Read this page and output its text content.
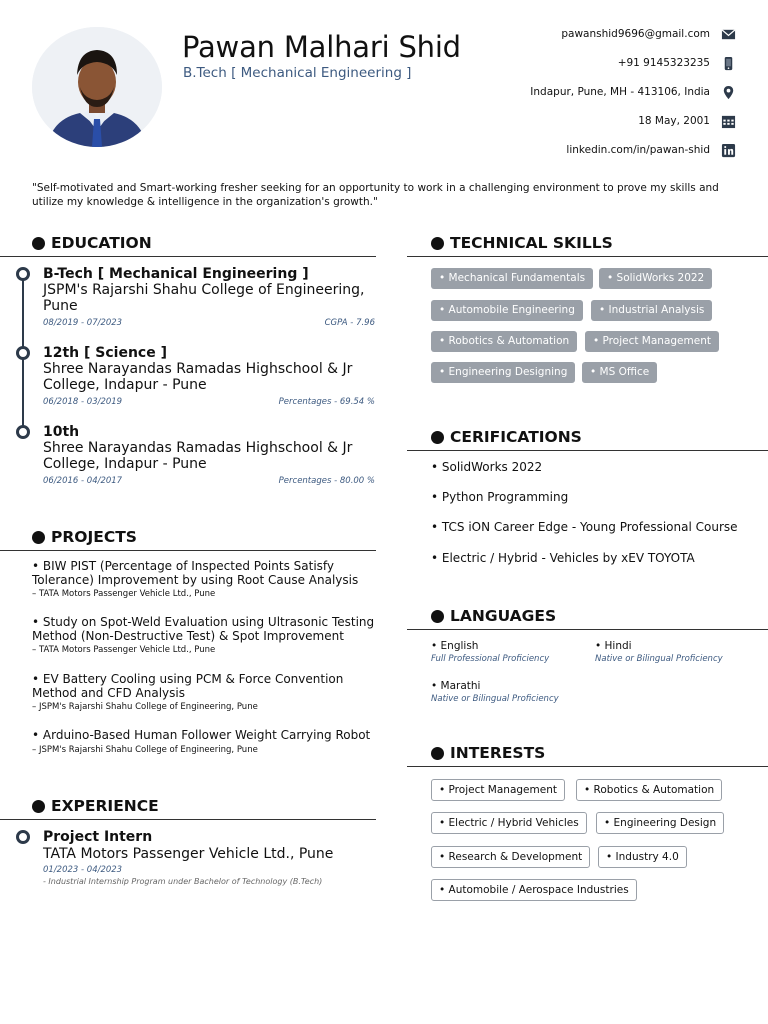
Pawan Malhari Shid
B.Tech [ Mechanical Engineering ]
pawanshid9696@gmail.com
+91 9145323235
Indapur, Pune, MH - 413106, India
18 May, 2001
linkedin.com/in/pawan-shid
"Self-motivated and Smart-working fresher seeking for an opportunity to work in a challenging environment to prove my skills and utilize my knowledge & intelligence in the organization's growth."
EDUCATION
B-Tech [ Mechanical Engineering ]
JSPM's Rajarshi Shahu College of Engineering, Pune
08/2019 - 07/2023	CGPA - 7.96
12th [ Science ]
Shree Narayandas Ramadas Highschool & Jr College, Indapur - Pune
06/2018 - 03/2019	Percentages - 69.54 %
10th
Shree Narayandas Ramadas Highschool & Jr College, Indapur - Pune
06/2016 - 04/2017	Percentages - 80.00 %
PROJECTS
• BIW PIST (Percentage of Inspected Points Satisfy Tolerance) Improvement by using Root Cause Analysis
– TATA Motors Passenger Vehicle Ltd., Pune
• Study on Spot-Weld Evaluation using Ultrasonic Testing Method (Non-Destructive Test) & Spot Improvement
– TATA Motors Passenger Vehicle Ltd., Pune
• EV Battery Cooling using PCM & Force Convention Method and CFD Analysis
– JSPM's Rajarshi Shahu College of Engineering, Pune
• Arduino-Based Human Follower Weight Carrying Robot
– JSPM's Rajarshi Shahu College of Engineering, Pune
EXPERIENCE
Project Intern
TATA Motors Passenger Vehicle Ltd., Pune
01/2023 - 04/2023
- Industrial Internship Program under Bachelor of Technology (B.Tech)
TECHNICAL SKILLS
• Mechanical Fundamentals	• SolidWorks 2022
• Automobile Engineering	• Industrial Analysis
• Robotics & Automation	• Project Management
• Engineering Designing	• MS Office
CERIFICATIONS
• SolidWorks 2022
• Python Programming
• TCS iON Career Edge - Young Professional Course
• Electric / Hybrid - Vehicles by xEV TOYOTA
LANGUAGES
• English
Full Professional Proficiency
• Hindi
Native or Bilingual Proficiency
• Marathi
Native or Bilingual Proficiency
INTERESTS
• Project Management	• Robotics & Automation
• Electric / Hybrid Vehicles	• Engineering Design
• Research & Development	• Industry 4.0
• Automobile / Aerospace Industries
